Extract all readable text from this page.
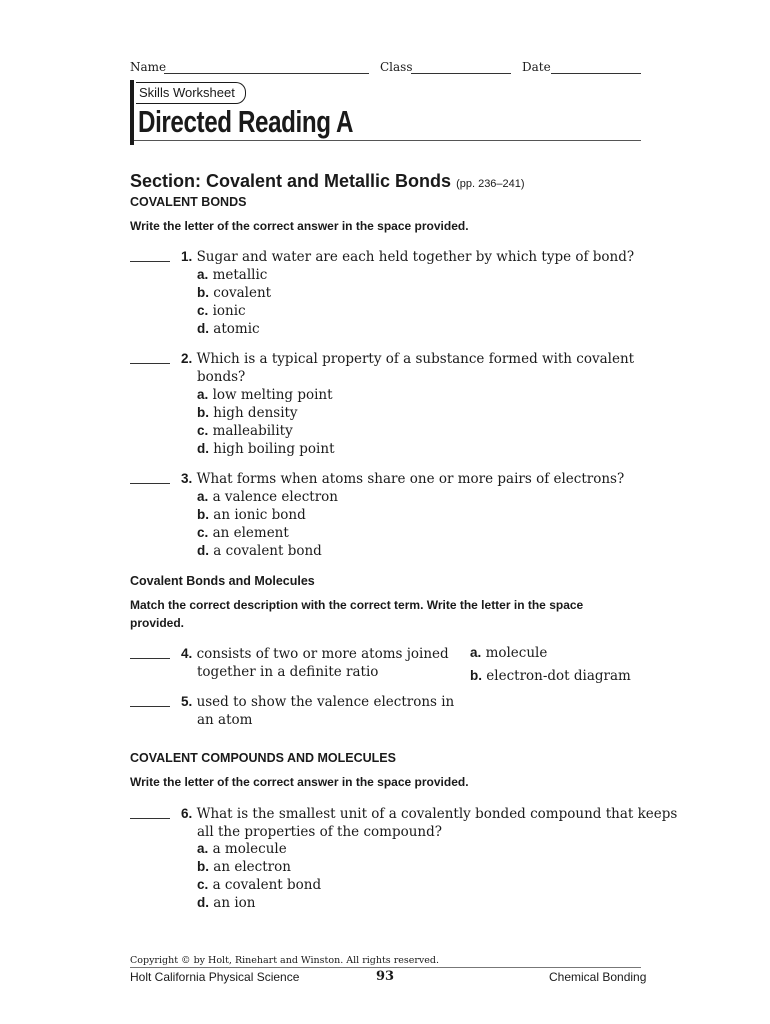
Name	Class	Date
Skills Worksheet
Directed Reading A
Section: Covalent and Metallic Bonds (pp. 236–241)
COVALENT BONDS
Write the letter of the correct answer in the space provided.
1. Sugar and water are each held together by which type of bond?
a. metallic
b. covalent
c. ionic
d. atomic
2. Which is a typical property of a substance formed with covalent
bonds?
a. low melting point
b. high density
c. malleability
d. high boiling point
3. What forms when atoms share one or more pairs of electrons?
a. a valence electron
b. an ionic bond
c. an element
d. a covalent bond
Covalent Bonds and Molecules
Match the correct description with the correct term. Write the letter in the space provided.
4. consists of two or more atoms joined
together in a definite ratio
a. molecule
b. electron-dot diagram
5. used to show the valence electrons in
an atom
COVALENT COMPOUNDS AND MOLECULES
Write the letter of the correct answer in the space provided.
6. What is the smallest unit of a covalently bonded compound that keeps
all the properties of the compound?
a. a molecule
b. an electron
c. a covalent bond
d. an ion
Copyright © by Holt, Rinehart and Winston. All rights reserved.
Holt California Physical Science	93	Chemical Bonding
